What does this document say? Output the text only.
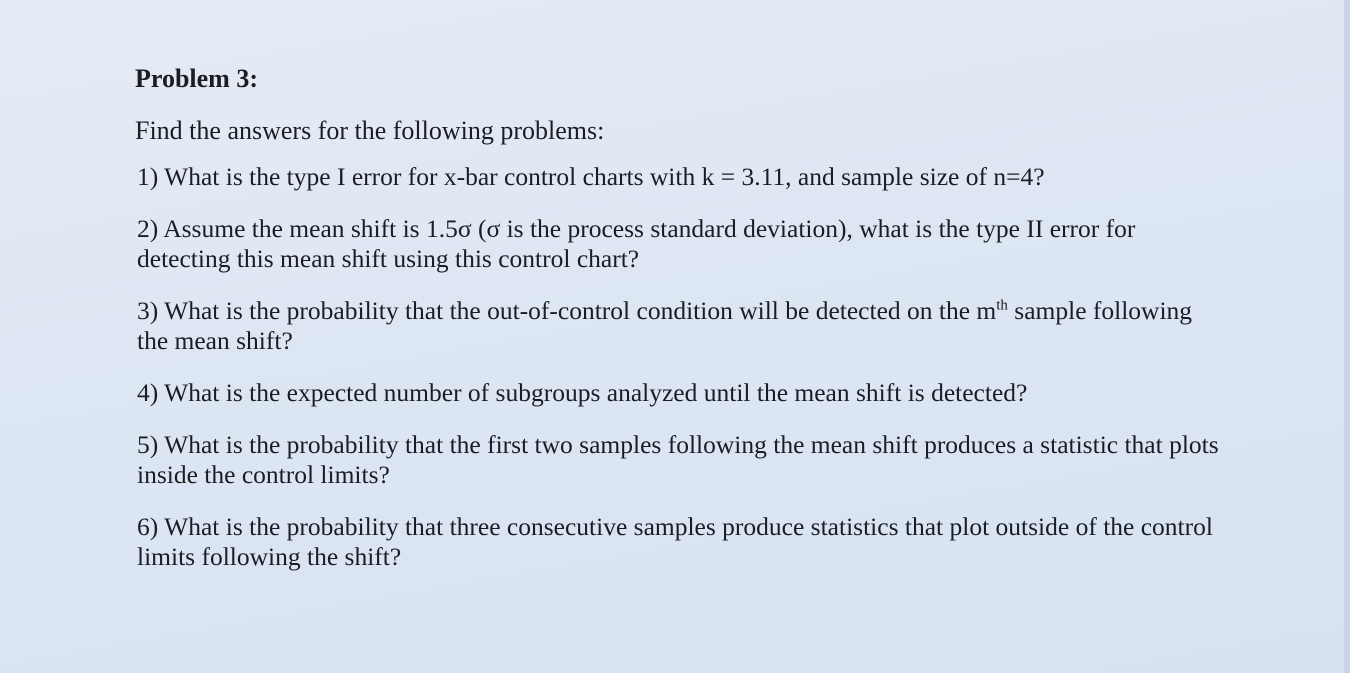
Problem 3:
Find the answers for the following problems:
1) What is the type I error for x-bar control charts with k = 3.11, and sample size of n=4?
2) Assume the mean shift is 1.5σ (σ is the process standard deviation), what is the type II error for detecting this mean shift using this control chart?
3) What is the probability that the out-of-control condition will be detected on the $m^{th}$ sample following the mean shift?
4) What is the expected number of subgroups analyzed until the mean shift is detected?
5) What is the probability that the first two samples following the mean shift produces a statistic that plots inside the control limits?
6) What is the probability that three consecutive samples produce statistics that plot outside of the control limits following the shift?
